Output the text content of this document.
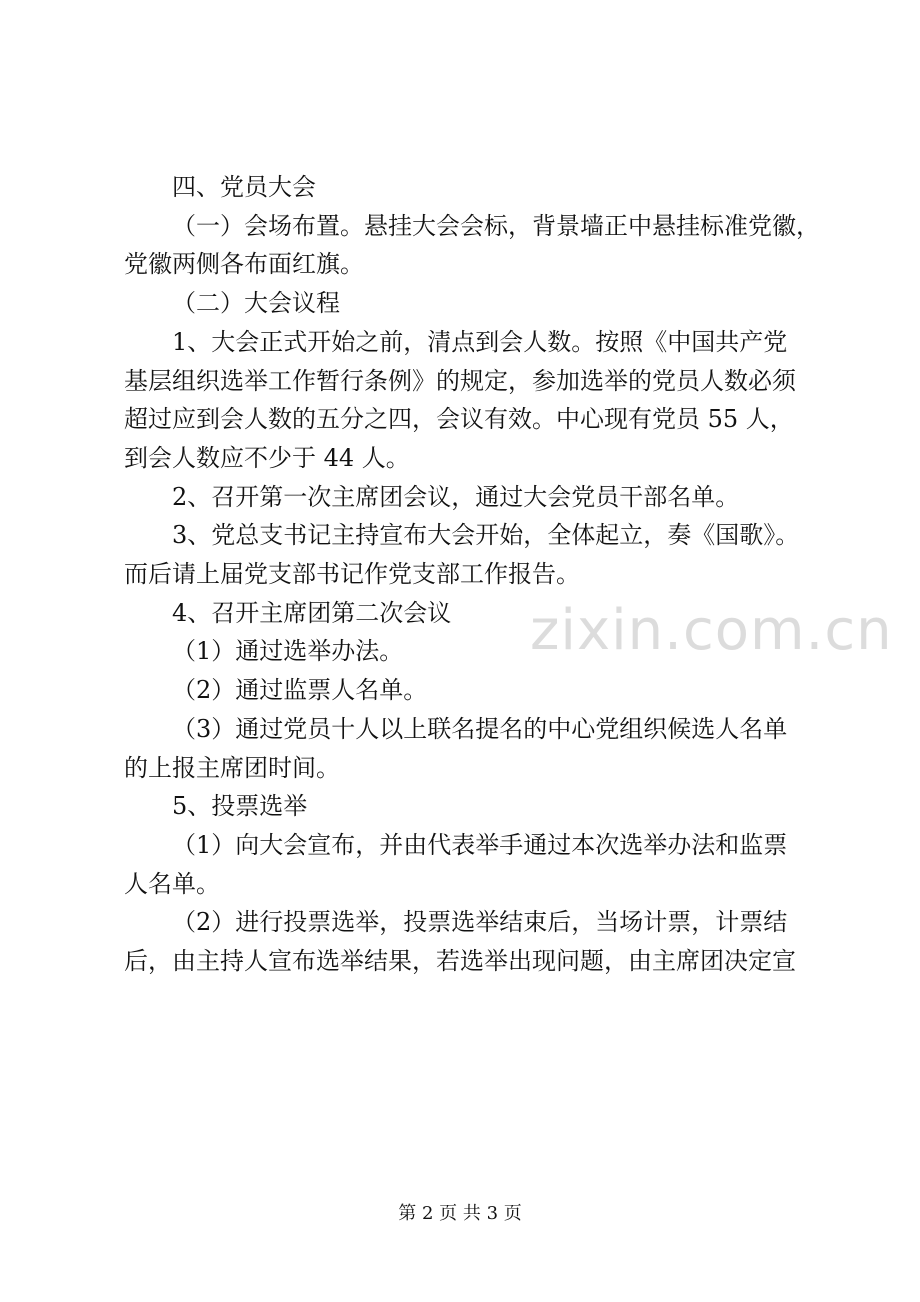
四、党员大会
（一）会场布置。悬挂大会会标，背景墙正中悬挂标准党徽，
党徽两侧各布面红旗。
（二）大会议程
1、大会正式开始之前，清点到会人数。按照《中国共产党
基层组织选举工作暂行条例》的规定，参加选举的党员人数必须
超过应到会人数的五分之四，会议有效。中心现有党员 55 人，
到会人数应不少于 44 人。
2、召开第一次主席团会议，通过大会党员干部名单。
3、党总支书记主持宣布大会开始，全体起立，奏《国歌》。
而后请上届党支部书记作党支部工作报告。
4、召开主席团第二次会议
（1）通过选举办法。
（2）通过监票人名单。
（3）通过党员十人以上联名提名的中心党组织候选人名单
的上报主席团时间。
5、投票选举
（1）向大会宣布，并由代表举手通过本次选举办法和监票
人名单。
（2）进行投票选举，投票选举结束后，当场计票，计票结
后，由主持人宣布选举结果，若选举出现问题，由主席团决定宣
zixin.com.cn
第 2 页 共 3 页
